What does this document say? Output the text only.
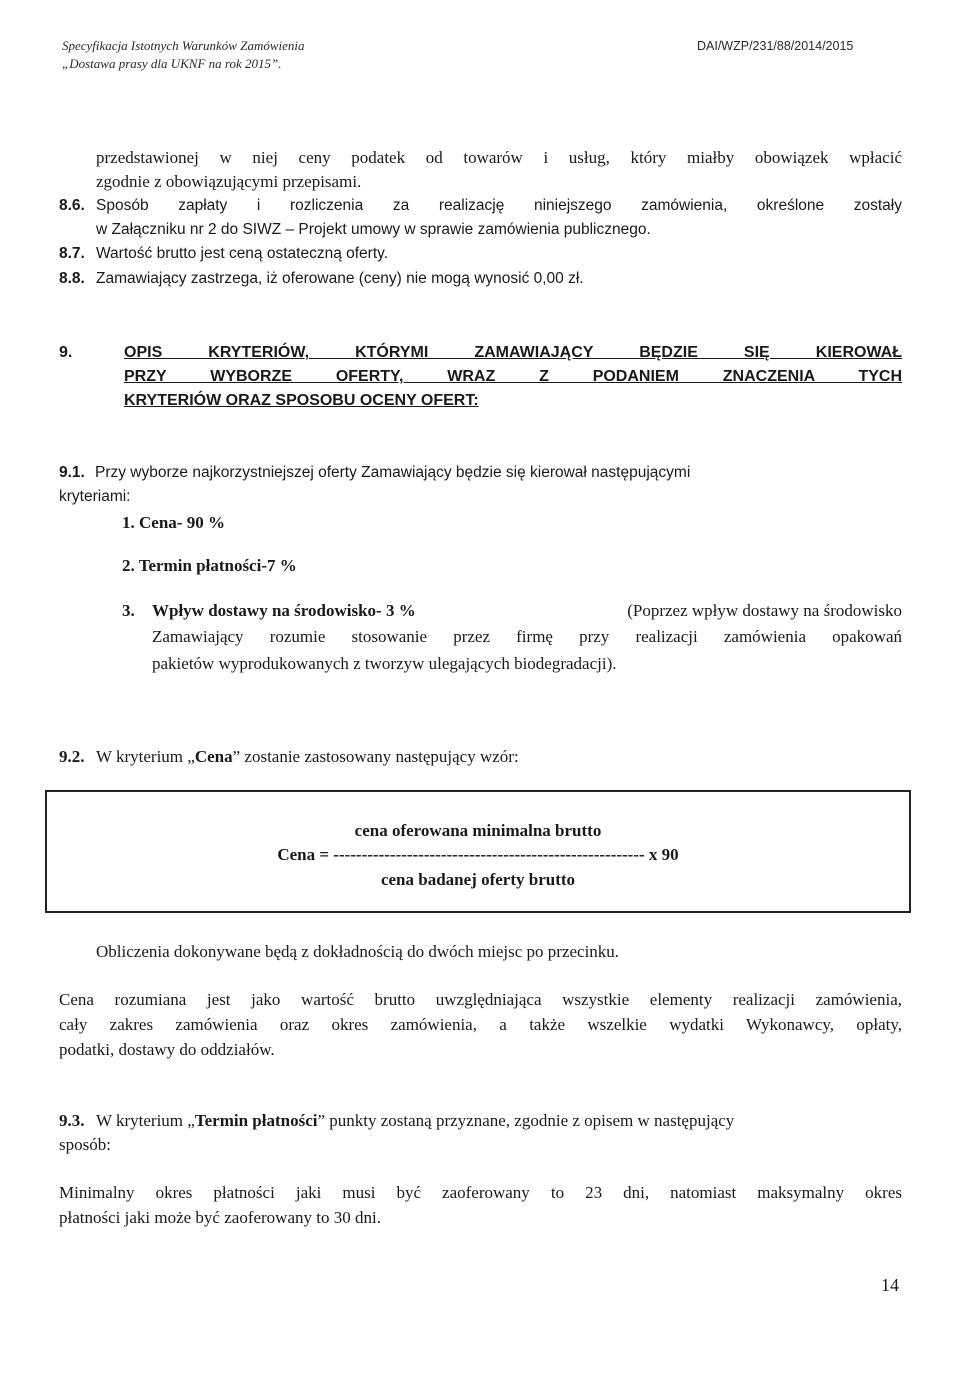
Specyfikacja Istotnych Warunków Zamówienia
„Dostawa prasy dla UKNF na rok 2015”.
DAI/WZP/231/88/2014/2015
przedstawionej w niej ceny podatek od towarów i usług, który miałby obowiązek wpłacić
zgodnie z obowiązującymi przepisami.
8.6. Sposób zapłaty i rozliczenia za realizację niniejszego zamówienia, określone zostały
w Załączniku nr 2 do SIWZ – Projekt umowy w sprawie zamówienia publicznego.
8.7. Wartość brutto jest ceną ostateczną oferty.
8.8. Zamawiający zastrzega, iż oferowane (ceny) nie mogą wynosić 0,00 zł.
9.	OPIS KRYTERIÓW, KTÓRYMI ZAMAWIAJĄCY BĘDZIE SIĘ KIEROWAŁ
PRZY WYBORZE OFERTY, WRAZ Z PODANIEM ZNACZENIA TYCH
KRYTERIÓW ORAZ SPOSOBU OCENY OFERT:
9.1. Przy wyborze najkorzystniejszej oferty Zamawiający będzie się kierował następującymi
kryteriami:
1. Cena- 90 %
2. Termin płatności-7 %
3. Wpływ dostawy na środowisko- 3 %	(Poprzez wpływ dostawy na środowisko
Zamawiający rozumie stosowanie przez firmę przy realizacji zamówienia opakowań
pakietów wyprodukowanych z tworzyw ulegających biodegradacji).
9.2. W kryterium „Cena” zostanie zastosowany następujący wzór:
cena oferowana minimalna brutto
Cena = ------------------------------------------------------- x 90
cena badanej oferty brutto
Obliczenia dokonywane będą z dokładnością do dwóch miejsc po przecinku.
Cena rozumiana jest jako wartość brutto uwzględniająca wszystkie elementy realizacji zamówienia,
cały zakres zamówienia oraz okres zamówienia, a także wszelkie wydatki Wykonawcy, opłaty,
podatki, dostawy do oddziałów.
9.3. W kryterium „Termin płatności” punkty zostaną przyznane, zgodnie z opisem w następujący
sposób:
Minimalny okres płatności jaki musi być zaoferowany to 23 dni, natomiast maksymalny okres
płatności jaki może być zaoferowany to 30 dni.
14
